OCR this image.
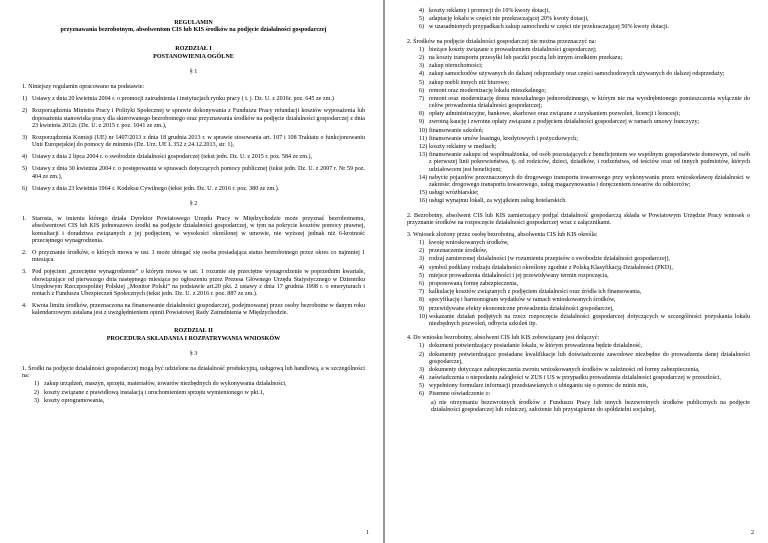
REGULAMIN
przyznawania bezrobotnym, absolwentom CIS lub KIS środków na podjęcie działalności gospodarczej
ROZDZIAŁ I
POSTANOWIENIA OGÓLNE
§ 1
1. Niniejszy regulamin opracowano na podstawie:
1) Ustawy z dnia 20 kwietnia 2004 r. o promocji zatrudnienia i instytucjach rynku pracy ( t. j. Dz. U. z 2016r. poz. 645 ze zm.)
2) Rozporządzenia Ministra Pracy i Polityki Społecznej w sprawie dokonywania z Funduszu Pracy refundacji kosztów wyposażenia lub doposażenia stanowiska pracy dla skierowanego bezrobotnego oraz przyznawania środków na podjęcie działalności gospodarczej z dnia 23 kwietnia 2012r. (Dz. U. z 2015 r. poz. 1041 ze zm.),
3) Rozporządzenia Komisji (UE) nr 1407/2013 z dnia 18 grudnia 2013 r. w sprawie stosowania art. 107 i 108 Traktatu o funkcjonowaniu Unii Europejskiej do pomocy de minimis (Dz. Urz. UE L 352 z 24.12.2013, str. 1),
4) Ustawy z dnia 2 lipca 2004 r. o swobodzie działalności gospodarczej (tekst jedn. Dz. U. z 2015 r. poz. 584 ze zm.),
5) Ustawy z dnia 30 kwietnia 2004 r. o postępowaniu w sprawach dotyczących pomocy publicznej (tekst jedn. Dz. U. z 2007 r. Nr 59 poz. 404 ze zm.),
6) Ustawy z dnia 23 kwietnia 1964 r. Kodeksu Cywilnego (tekst jedn. Dz. U. z 2016 r. poz. 380 ze zm.).
§ 2
1. Starosta, w imieniu którego działa Dyrektor Powiatowego Urzędu Pracy w Międzychodzie może przyznać bezrobotnemu, absolwentowi CIS lub KIS jednorazowo środki na podjęcie działalności gospodarczej, w tym na pokrycie kosztów pomocy prawnej, konsultacji i doradztwa związanych z jej podjęciem, w wysokości określonej w umowie, nie wyższej jednak niż 6-krotność przeciętnego wynagrodzenia.
2. O przyznanie środków, o których mowa w ust. 1 może ubiegać się osoba posiadająca status bezrobotnego przez okres co najmniej 1 miesiąca.
3. Pod pojęciem „przeciętne wynagrodzenie” o którym mowa w ust. 1 rozumie się przeciętne wynagrodzenie w poprzednim kwartale, obowiązujące od pierwszego dnia następnego miesiąca po ogłoszeniu przez Prezesa Głównego Urzędu Statystycznego w Dzienniku Urzędowym Rzeczpospolitej Polskiej „Monitor Polski” na podstawie art.20 pkt. 2 ustawy z dnia 17 grudnia 1998 r. o emeryturach i rentach z Funduszu Ubezpieczeń Społecznych (tekst jedn. Dz. U. z 2016 r. poz. 887 ze zm.).
4. Kwota limitu środków, przeznaczona na finansowanie działalności gospodarczej, podejmowanej przez osoby bezrobotne w danym roku kalendarzowym ustalana jest z uwzględnieniem opinii Powiatowej Rady Zatrudnienia w Międzychodzie.
ROZDZIAŁ II
PROCEDURA SKŁADANIA I ROZPATRYWANIA WNIOSKÓW
§ 3
1. Środki na podjęcie działalności gospodarczej mogą być udzielone na działalność produkcyjną, usługową lub handlową, a w szczególności na:
1) zakup urządzeń, maszyn, sprzętu, materiałów, towarów niezbędnych do wykonywania działalności,
2) koszty związane z prawidłową instalacją i uruchomieniem sprzętu wymienionego w pkt.1,
3) koszty oprogramowania,
1
4) koszty reklamy i promocji do 10% kwoty dotacji,
5) adaptację lokalu w części nie przekraczającej 20% kwoty dotacji,
6) w uzasadnionych przypadkach zakup samochodu w części nie przekraczającej 50% kwoty dotacji.
2. Środków na podjęcie działalności gospodarczej nie można przeznaczyć na:
1) bieżące koszty związane z prowadzeniem działalności gospodarczej;
2) na koszty transportu przesyłki lub paczki pocztą lub innym środkiem przekazu;
3) zakup nieruchomości;
4) zakup samochodów używanych do dalszej odsprzedaży oraz części samochodowych używanych do dalszej odsprzedaży;
5) zakup mebli innych niż biurowe;
6) remont oraz modernizację lokalu mieszkalnego;
7) remont oraz modernizację domu mieszkalnego jednorodzinnego, w którym nie ma wyodrębnionego pomieszczenia wyłącznie do celów prowadzenia działalności gospodarczej;
8) opłaty administracyjne, bankowe, skarbowe oraz związane z uzyskaniem pozwoleń, licencji i koncesji;
9) zwrotną kaucję i zwrotne opłaty związane z podjęciem działalności gospodarczej w ramach umowy franczyzy;
10) finansowanie szkoleń;
11) finansowanie umów leasingu, kredytowych i pożyczkowych;
12) koszty reklamy w mediach;
13) finansowanie zakupu od współmałżonka, od osób pozostających z beneficjentem we wspólnym gospodarstwie domowym, od osób z pierwszej linii pokrewieństwa, tj. od rodziców, dzieci, dziadków, i rodzeństwa, od teściów oraz od innych podmiotów, których udziałowcem jest beneficjent;
14) nabycie pojazdów przeznaczonych do drogowego transportu towarowego przy wykonywaniu przez wnioskodawcę działalności w zakresie: drogowego transportu towarowego, usług magazynowania i doręczeniem towarów do odbiorców;
15) usługi wróżbiarskie;
16) usługi wynajmu lokali, za wyjątkiem usług hotelarskich.
2. Bezrobotny, absolwent CIS lub KIS zamierzający podjąć działalność gospodarczą składa w Powiatowym Urzędzie Pracy wniosek o przyznanie środków na rozpoczęcie działalności gospodarczej wraz z załącznikami.
3. Wniosek złożony przez osobę bezrobotną, absolwenta CIS lub KIS określa:
1) kwotę wnioskowanych środków,
2) przeznaczenie środków,
3) rodzaj zamierzonej działalności (w rozumieniu przepisów o swobodzie działalności gospodarczej),
4) symbol podklasy rodzaju działalności określony zgodnie z Polską Klasyfikacją Działalności (PKD),
5) miejsce prowadzenia działalności i jej przewidywany termin rozpoczęcia,
6) proponowaną formę zabezpieczenia,
7) kalkulację kosztów związanych z podjęciem działalności oraz źródła ich finansowania,
8) specyfikację i harmonogram wydatków w ramach wnioskowanych środków,
9) przewidywane efekty ekonomiczne prowadzenia działalności gospodarczej,
10) wskazanie działań podjętych na rzecz rozpoczęcia działalności gospodarczej dotyczących w szczególności pozyskania lokalu niezbędnych pozwoleń, odbycia szkoleń itp.
4. Do wniosku bezrobotny, absolwent CIS lub KIS zobowiązany jest dołączyć:
1) dokument potwierdzający posiadanie lokalu, w którym prowadzona będzie działalność,
2) dokumenty potwierdzające posiadane kwalifikacje lub doświadczenie zawodowe niezbędne do prowadzenia danej działalności gospodarczej,
3) dokumenty dotyczące zabezpieczenia zwrotu wnioskowanych środków w zależności od formy zabezpieczenia,
4) zaświadczenia o niepodaniu zaległości w ZUS i US w przypadku prowadzenia działalności gospodarczej w przeszłości,
5) wypełniony formularz informacji przedstawianych o ubieganiu się o pomoc de minis mis,
6) Pisemne oświadczenie o:
a) nie otrzymaniu bezzwrotnych środków z Funduszu Pracy lub innych bezzwrotnych środków publicznych na podjęcie działalności gospodarczej lub rolniczej, założenie lub przystąpienie do spółdzielni socjalnej,
2
